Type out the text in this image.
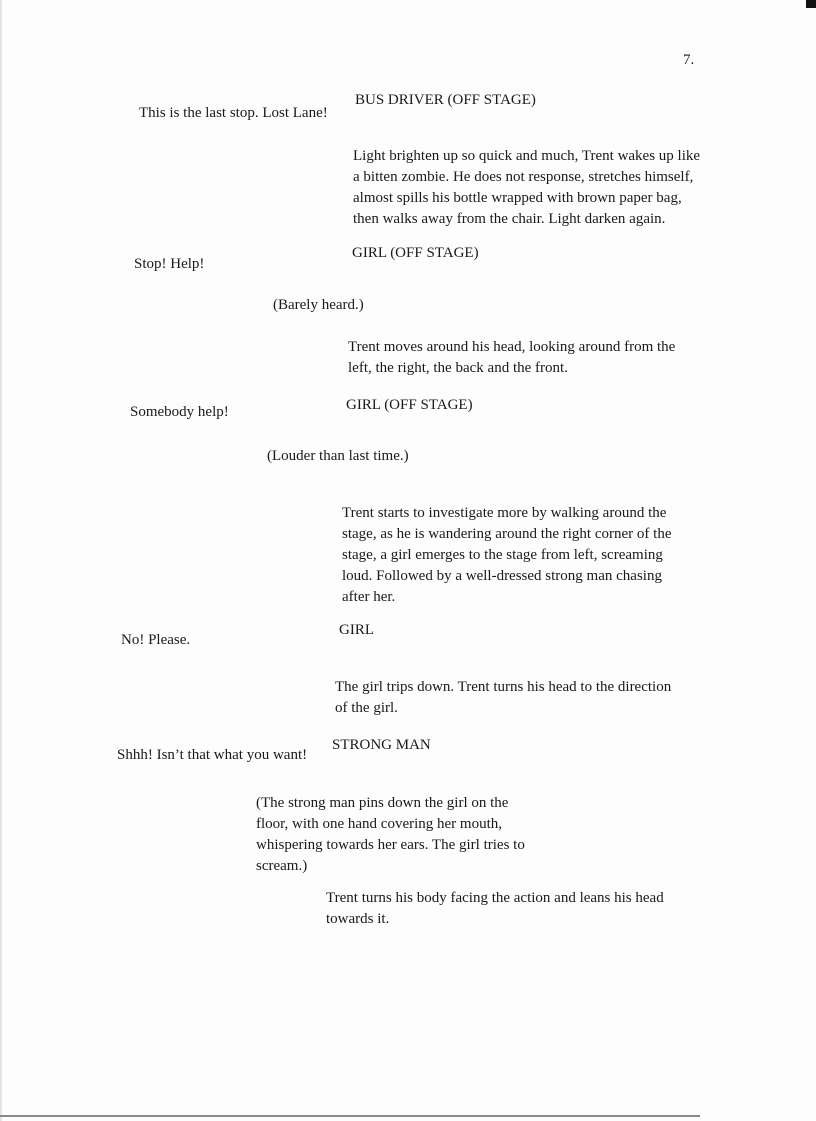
7.

BUS DRIVER (OFF STAGE)

This is the last stop. Lost Lane!

Light brighten up so quick and much, Trent wakes up like
a bitten zombie. He does not response, stretches himself,
almost spills his bottle wrapped with brown paper bag,
then walks away from the chair. Light darken again.

GIRL (OFF STAGE)

Stop! Help!

(Barely heard.)

Trent moves around his head, looking around from the
left, the right, the back and the front.

GIRL (OFF STAGE)

Somebody help!

(Louder than last time.)

Trent starts to investigate more by walking around the
stage, as he is wandering around the right corner of the
stage, a girl emerges to the stage from left, screaming
loud. Followed by a well-dressed strong man chasing
after her.

GIRL

No! Please.

The girl trips down. Trent turns his head to the direction
of the girl.

STRONG MAN

Shhh! Isn’t that what you want!

(The strong man pins down the girl on the
floor, with one hand covering her mouth,
whispering towards her ears. The girl tries to
scream.)

Trent turns his body facing the action and leans his head
towards it.
